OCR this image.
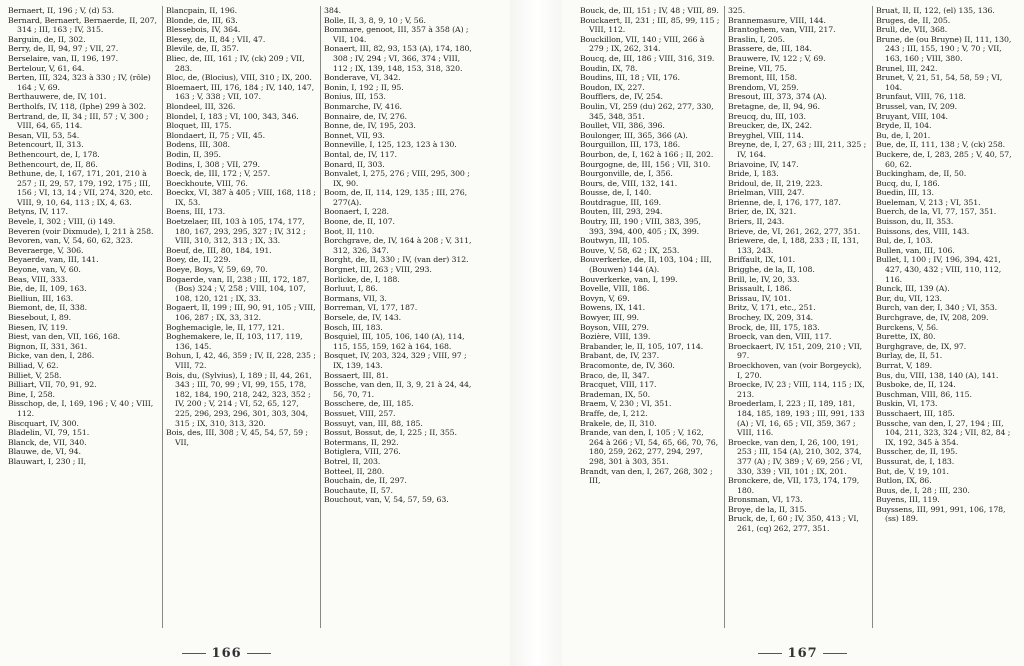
Bernaert, II, 196 ; V, (d) 53.

Bernard, Bernaert, Bernaerde, II, 207, 314 ; III, 163 ; IV, 315.

Barguin, de, II, 302.

Berry, de, II, 94, 97 ; VII, 27.

Berselaire, van, II, 196, 197.

Bertelour, V, 61, 64.

Berten, III, 324, 323 à 330 ; IV, (rôle) 164 ; V, 69.

Berthauwere, de, IV, 101.

Bertholfs, IV, 118, (Iphe) 299 à 302.

Bertrand, de, II, 34 ; III, 57 ; V, 300 ; VIII, 64, 65, 114.

Besan, VII, 53, 54.

Betencourt, II, 313.

Bethencourt, de, I, 178.

Bethencourt, de, II, 86.

Bethune, de, I, 167, 171, 201, 210 à 257 ; II, 29, 57, 179, 192, 175 ; III, 156 ; VI, 13, 14 ; VII, 274, 320, etc. VIII, 9, 10, 64, 113 ; IX, 4, 63.

Betyns, IV, 117.

Bevele, I, 302 ; VIII, (i) 149.

Beveren (voir Dixmude), I, 211 à 258.

Bevoren, van, V, 54, 60, 62, 323.

Beveraerge, V, 306.

Beyaerde, van, III, 141.

Beyone, van, V, 60.

Beas, VIII, 333.

Bie, de, II, 109, 163.

Bielliun, III, 163.

Biemont, de, II, 338.

Biesebout, I, 89.

Biesen, IV, 119.

Biest, van den, VII, 166, 168.

Bignon, II, 331, 361.

Bicke, van den, I, 286.

Billiad, V, 62.

Billiet, V, 258.

Billiart, VII, 70, 91, 92.

Bine, I, 258.

Bisschop, de, I, 169, 196 ; V, 40 ; VIII, 112.

Biscquart, IV, 300.

Bladelin, VI, 79, 151.

Blanck, de, VII, 340.

Blauwe, de, VI, 94.

Blauwart, I, 230 ; II,

Blancpain, II, 196.

Blonde, de, III, 63.

Blessebois, IV, 364.

Blesey, de, II, 84 ; VII, 47.

Blevile, de, II, 357.

Bliec, de, III, 161 ; IV, (ck) 209 ; VII, 283.

Bloc, de, (Blocius), VIII, 310 ; IX, 200.

Bloemaert, III, 176, 184 ; IV, 140, 147, 163 ; V, 338 ; VII, 107.

Blondeel, III, 326.

Blondel, I, 183 ; VI, 100, 343, 346.

Bloquet, III, 175.

Blondaert, II, 75 ; VII, 45.

Bodens, III, 308.

Bodin, II, 395.

Bodins, I, 308 ; VII, 279.

Boeck, de, III, 172 ; V, 257.

Boeckhoute, VIII, 76.

Boeckx, VI, 387 à 405 ; VIII, 168, 118 ; IX, 53.

Boens, III, 173.

Boetzelaer, III, 103 à 105, 174, 177, 180, 167, 293, 295, 327 ; IV, 312 ; VIII, 310, 312, 313 ; IX, 33.

Boeuf, de, III, 80, 184, 191.

Boey, de, II, 229.

Boeye, Boys, V, 59, 69, 70.

Bogaerde, van, II, 238 ; III, 172, 187, (Bos) 324 ; V, 258 ; VIII, 104, 107, 108, 120, 121 ; IX, 33.

Bogaert, II, 199 ; III, 90, 91, 105 ; VIII, 106, 287 ; IX, 33, 312.

Boghemacigle, le, II, 177, 121.

Boghemakere, le, II, 103, 117, 119, 136, 145.

Bohun, I, 42, 46, 359 ; IV, II, 228, 235 ; VIII, 72.

Bois, du, (Sylvius), I, 189 ; II, 44, 261, 343 ; III, 70, 99 ; VI, 99, 155, 178, 182, 184, 190, 218, 242, 323, 352 ; IV, 200 ; V, 214 ; VI, 52, 65, 127, 225, 296, 293, 296, 301, 303, 304, 315 ; IX, 310, 313, 320.

Bois, des, III, 308 ; V, 45, 54, 57, 59 ; VII,

384.

Bolle, II, 3, 8, 9, 10 ; V, 56.

Bommare, genoot, III, 357 à 358 (A) ; VII, 104.

Bonaert, III, 82, 93, 153 (A), 174, 180, 308 ; IV, 294 ; VI, 366, 374 ; VIII, 112 ; IX, 139, 148, 153, 318, 320.

Bonderave, VI, 342.

Bonin, I, 192 ; II, 95.

Bonius, III, 153.

Bonmarche, IV, 416.

Bonnaire, de, IV, 276.

Bonne, de, IV, 195, 203.

Bonnet, VII, 93.

Bonneville, I, 125, 123, 123 à 130.

Bontal, de, IV, 117.

Bonard, II, 303.

Bonvalet, I, 275, 276 ; VIII, 295, 300 ; IX, 90.

Boom, de, II, 114, 129, 135 ; III, 276, 277(A).

Boonaert, I, 228.

Boone, de, II, 107.

Boot, II, 110.

Borchgrave, de, IV, 164 à 208 ; V, 311, 312, 326, 347.

Borght, de, II, 330 ; IV, (van der) 312.

Borgnet, III, 263 ; VIII, 293.

Borlicke, de, I, 188.

Borluut, I, 86.

Bormans, VII, 3.

Borreman, VI, 177, 187.

Borsele, de, IV, 143.

Bosch, III, 183.

Bosquiel, III, 105, 106, 140 (A), 114, 115, 155, 159, 162 à 164, 168.

Bosquet, IV, 203, 324, 329 ; VIII, 97 ; IX, 139, 143.

Bossaert, III, 81.

Bossche, van den, II, 3, 9, 21 à 24, 44, 56, 70, 71.

Bosschere, de, III, 185.

Bossuet, VIII, 257.

Bossuyt, van, III, 88, 185.

Bossut, Bossut, de, I, 225 ; II, 355.

Botermans, II, 292.

Botiglera, VIII, 276.

Botrel, II, 203.

Botteel, II, 280.

Bouchain, de, II, 297.

Bouchaute, II, 57.

Bouchout, van, V, 54, 57, 59, 63.

166

Bouck, de, III, 151 ; IV, 48 ; VIII, 89.

Bouckaert, II, 231 ; III, 85, 99, 115 ; VIII, 112.

Bouckillon, VII, 140 ; VIII, 266 à 279 ; IX, 262, 314.

Boucq, de, III, 186 ; VIII, 316, 319.

Boudin, IX, 78.

Boudins, III, 18 ; VII, 176.

Boudon, IX, 227.

Boufflers, de, IV, 254.

Boulin, VI, 259 (du) 262, 277, 330, 345, 348, 351.

Boullet, VII, 386, 396.

Boulonger, III, 365, 366 (A).

Bourguillon, III, 173, 186.

Bourbon, de, I, 162 à 166 ; II, 202.

Bourgogne, de, III, 156 ; VII, 310.

Bourgonville, de, I, 356.

Bours, de, VIII, 132, 141.

Bousse, de, I, 140.

Boutdrague, III, 169.

Bouten, III, 293, 294.

Boutry, III, 190 ; VIII, 383, 395, 393, 394, 400, 405 ; IX, 399.

Boutwyn, III, 105.

Bouve, V, 58, 62 ; IX, 253.

Bouverkerke, de, II, 103, 104 ; III, (Bouwen) 144 (A).

Bouverkerke, van, I, 199.

Bovelle, VIII, 186.

Bovyn, V, 69.

Bowens, IX, 141.

Bowyer, III, 99.

Boyson, VIII, 279.

Bozière, VIII, 139.

Brabander, le, II, 105, 107, 114.

Brabant, de, IV, 237.

Bracomonte, de, IV, 360.

Braco, de, II, 347.

Bracquet, VIII, 117.

Brademan, IX, 50.

Braem, V, 230 ; VI, 351.

Braffe, de, I, 212.

Brakele, de, II, 310.

Brande, van den, I, 105 ; V, 162, 264 à 266 ; VI, 54, 65, 66, 70, 76, 180, 259, 262, 277, 294, 297, 298, 301 à 303, 351.

Brandt, van den, I, 267, 268, 302 ; III,

325.

Brannemasure, VIII, 144.

Brantoghem, van, VIII, 217.

Braslin, I, 205.

Brassere, de, III, 184.

Brauwere, IV, 122 ; V, 69.

Breine, VII, 75.

Bremont, III, 158.

Brendom, VI, 259.

Bresout, III, 373, 374 (A).

Bretagne, de, II, 94, 96.

Breucq, du, III, 103.

Breucker, de, IX, 242.

Breyghel, VIII, 114.

Breyne, de, I, 27, 63 ; III, 211, 325 ; IV, 164.

Briavoine, IV, 147.

Bride, I, 183.

Bridoul, de, II, 219, 223.

Brielman, VIII, 247.

Brienne, de, I, 176, 177, 187.

Brier, de, IX, 321.

Briers, II, 243.

Brieve, de, VI, 261, 262, 277, 351.

Briewere, de, I, 188, 233 ; II, 131, 133, 243.

Briffault, IX, 101.

Brigghe, de la, II, 108.

Brill, le, IV, 20, 33.

Brissault, I, 186.

Brissau, IV, 101.

Britz, V, 171, etc., 251.

Brochey, IX, 209, 314.

Brock, de, III, 175, 183.

Broeck, van den, VIII, 117.

Broeckaert, IV, 151, 209, 210 ; VII, 97.

Broeckhoven, van (voir Borgeyck), I, 270.

Broecke, IV, 23 ; VIII, 114, 115 ; IX, 213.

Broederlam, I, 223 ; II, 189, 181, 184, 185, 189, 193 ; III, 991, 133 (A) ; VI, 16, 65 ; VII, 359, 367 ; VIII, 116.

Broecke, van den, I, 26, 100, 191, 253 ; III, 154 (A), 210, 302, 374, 377 (A) ; IV, 389 ; V, 69, 256 ; VI, 330, 339 ; VII, 101 ; IX, 201.

Bronckere, de, VII, 173, 174, 179, 180.

Bronsman, VI, 173.

Broye, de la, II, 315.

Bruck, de, I, 60 ; IV, 350, 413 ; VI, 261, (cq) 262, 277, 351.

Bruat, II, II, 122, (el) 135, 136.

Bruges, de, II, 205.

Brull, de, VII, 368.

Brune, de (ou Bruyne) II, 111, 130, 243 ; III, 155, 190 ; V, 70 ; VII, 163, 160 ; VIII, 380.

Brunel, III, 242.

Brunet, V, 21, 51, 54, 58, 59 ; VI, 104.

Brunfaut, VIII, 76, 118.

Brussel, van, IV, 209.

Bruyant, VIII, 104.

Bryde, II, 104.

Bu, de, I, 201.

Bue, de, II, 111, 138 ; V, (ck) 258.

Buckere, de, I, 283, 285 ; V, 40, 57, 60, 62.

Buckingham, de, II, 50.

Bucq, du, I, 186.

Buedin, III, 13.

Bueleman, V, 213 ; VI, 351.

Buerch, de la, VI, 77, 157, 351.

Buisson, du, II, 353.

Buissons, des, VIII, 143.

Bul, de, I, 103.

Bullen, van, III, 106.

Bullet, I, 100 ; IV, 196, 394, 421, 427, 430, 432 ; VIII, 110, 112, 116.

Bunck, III, 139 (A).

Bur, du, VII, 123.

Burch, van der, I, 340 ; VI, 353.

Burchgrave, de, IV, 208, 209.

Burckens, V, 56.

Burette, IX, 80.

Burghgrave, de, IX, 97.

Burlay, de, II, 51.

Burrat, V, 189.

Bus, du, VIII, 138, 140 (A), 141.

Busboke, de, II, 124.

Buschman, VIII, 86, 115.

Buskin, VI, 173.

Busschaert, III, 185.

Bussche, van den, I, 27, 194 ; III, 104, 211, 323, 324 ; VII, 82, 84 ; IX, 192, 345 à 354.

Busscher, de, II, 195.

Bussurat, de, I, 183.

But, de, V, 19, 101.

Butlon, IX, 86.

Buus, de, I, 28 ; III, 230.

Buyens, III, 119.

Buyssens, III, 991, 991, 106, 178, (ss) 189.

167
